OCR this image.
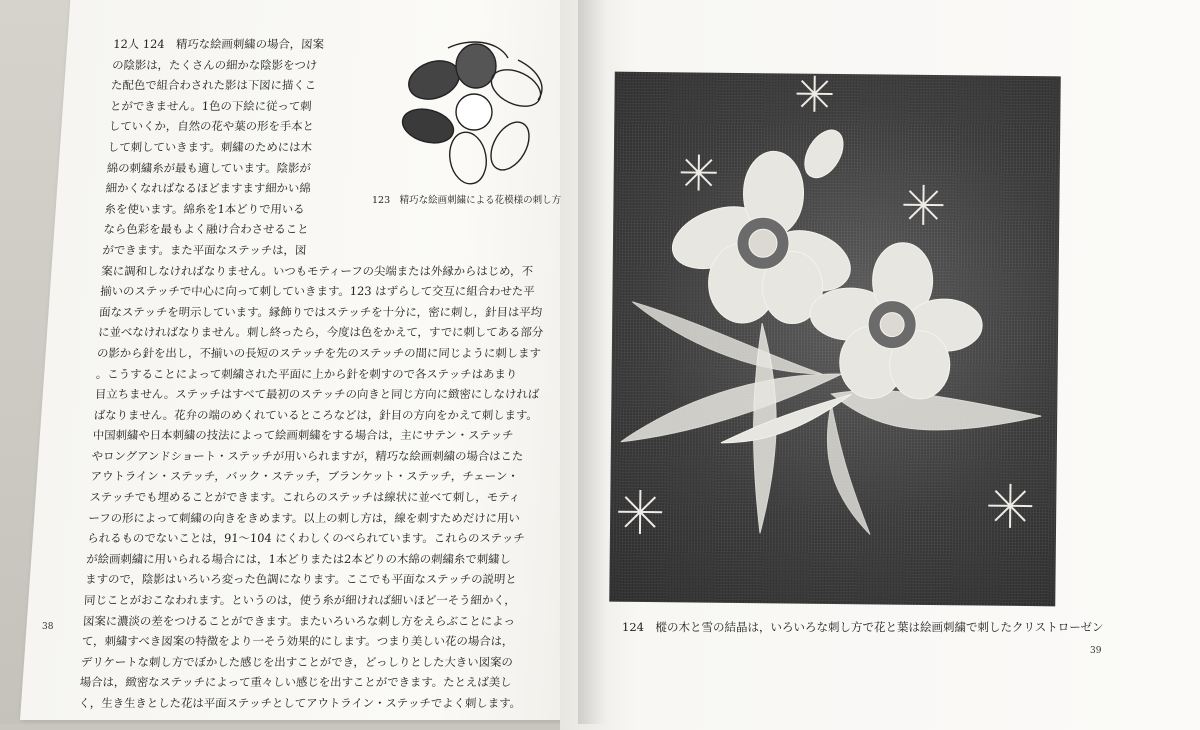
12人 124　精巧な絵画刺繍の場合，図案

の陰影は，たくさんの細かな陰影をつけ

た配色で組合わされた影は下図に描くこ

とができません。1色の下絵に従って刺

していくか，自然の花や葉の形を手本と

して刺していきます。刺繍のためには木

綿の刺繍糸が最も適しています。陰影が

細かくなればなるほどますます細かい綿

糸を使います。綿糸を1本どりで用いる

なら色彩を最もよく融け合わさせること

ができます。また平面なステッチは，図

案に調和しなければなりません。いつもモティーフの尖端または外縁からはじめ，不

揃いのステッチで中心に向って刺していきます。123 はずらして交互に組合わせた平

面なステッチを明示しています。縁飾りではステッチを十分に，密に刺し，針目は平均

に並べなければなりません。刺し終ったら，今度は色をかえて，すでに刺してある部分

の影から針を出し，不揃いの長短のステッチを先のステッチの間に同じように刺します

。こうすることによって刺繍された平面に上から針を刺すので各ステッチはあまり

目立ちません。ステッチはすべて最初のステッチの向きと同じ方向に緻密にしなければ

ばなりません。花弁の端のめくれているところなどは，針目の方向をかえて刺します。

中国刺繍や日本刺繍の技法によって絵画刺繍をする場合は，主にサテン・ステッチ

やロングアンドショート・ステッチが用いられますが，精巧な絵画刺繍の場合はこた

アウトライン・ステッチ，バック・ステッチ，ブランケット・ステッチ，チェーン・

ステッチでも埋めることができます。これらのステッチは線状に並べて刺し，モティ

ーフの形によって刺繍の向きをきめます。以上の刺し方は，線を刺すためだけに用い

られるものでないことは，91〜104 にくわしくのべられています。これらのステッチ

が絵画刺繍に用いられる場合には，1本どりまたは2本どりの木綿の刺繍糸で刺繍し

ますので，陰影はいろいろ変った色調になります。ここでも平面なステッチの説明と

同じことがおこなわれます。というのは，使う糸が細ければ細いほど一そう細かく，

図案に濃淡の差をつけることができます。またいろいろな刺し方をえらぶことによっ

て，刺繍すべき図案の特徴をより一そう効果的にします。つまり美しい花の場合は，

デリケートな刺し方でぼかした感じを出すことができ，どっしりとした大きい図案の

場合は，緻密なステッチによって重々しい感じを出すことができます。たとえば美し

く，生き生きとした花は平面ステッチとしてアウトライン・ステッチでよく刺します。

123　精巧な絵画刺繍による花模様の刺し方
38	124　樅の木と雪の結晶は，いろいろな刺し方で花と葉は絵画刺繍で刺したクリストローゼン
39
